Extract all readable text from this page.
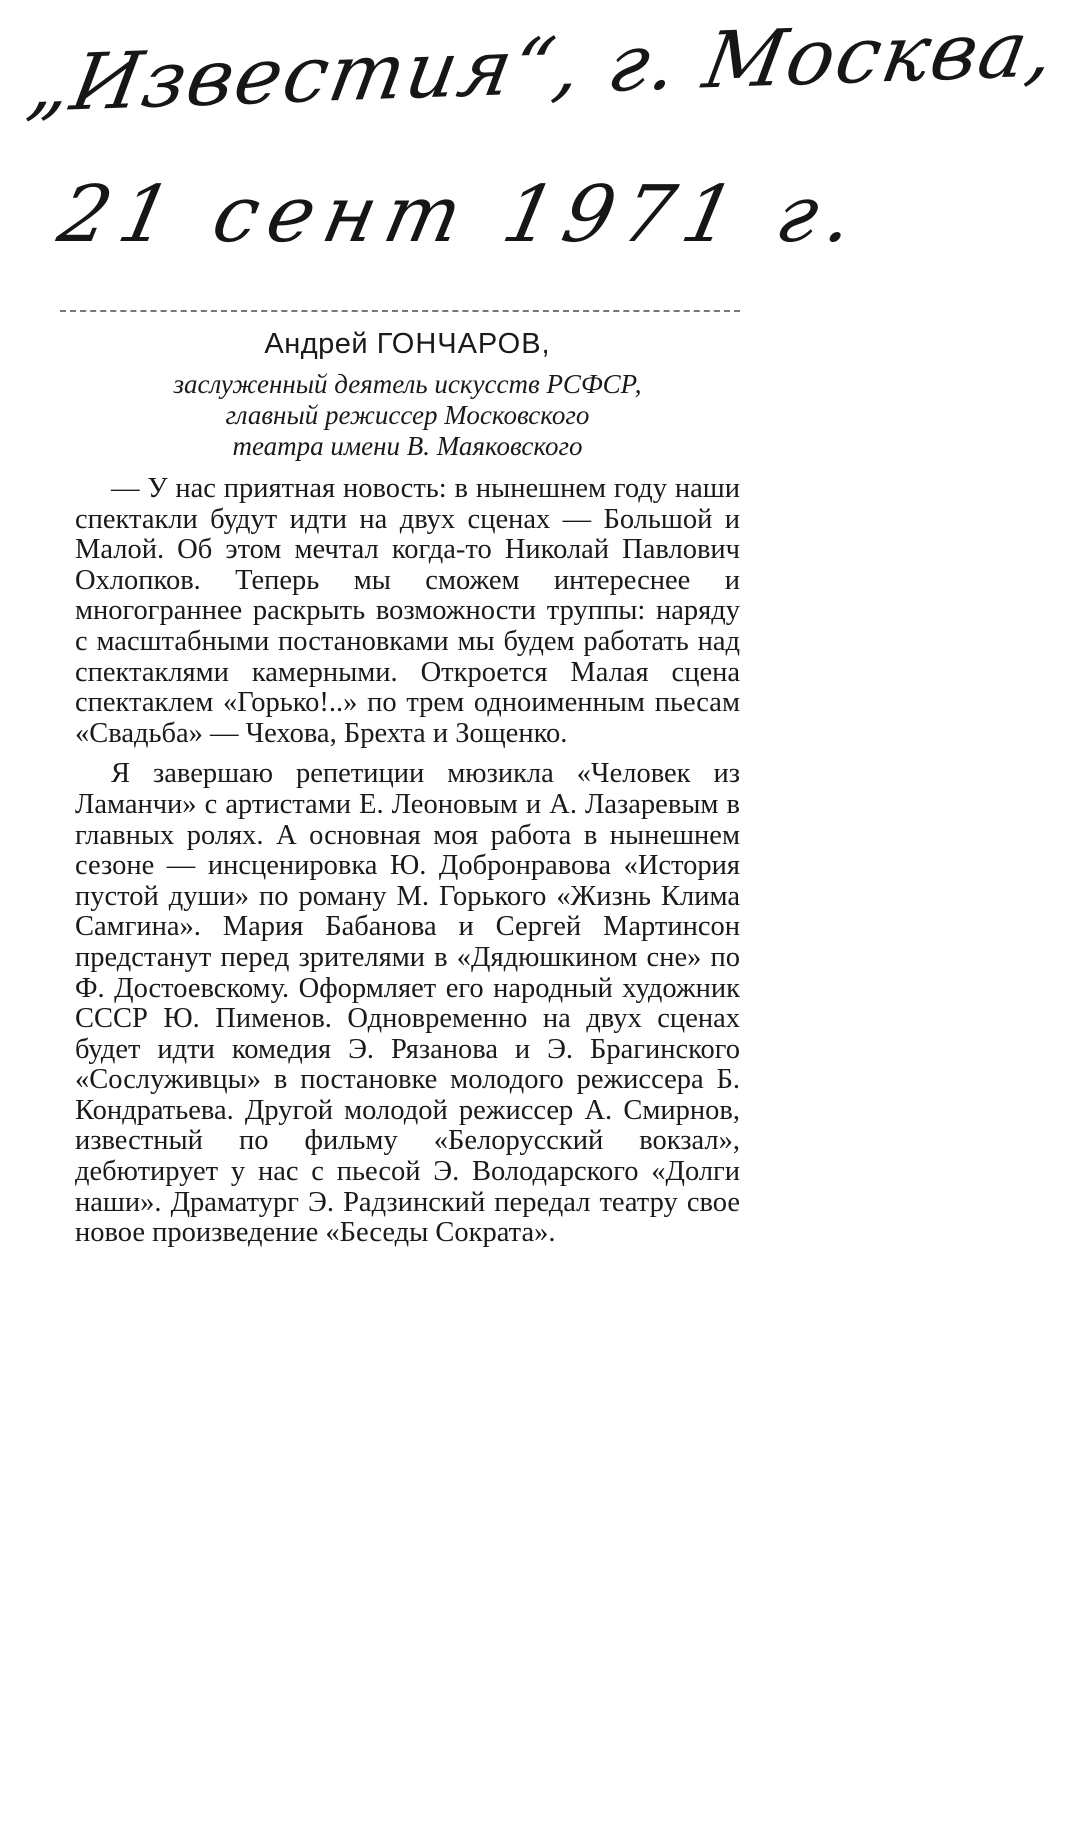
„Известия“, г. Москва,
21 сент 1971 г.
Андрей ГОНЧАРОВ,
заслуженный деятель искусств РСФСР,
главный режиссер Московского
театра имени В. Маяковского

— У нас приятная новость: в нынешнем году наши спектакли будут идти на двух сценах — Большой и Малой. Об этом мечтал когда-то Николай Павлович Охлопков. Теперь мы сможем интереснее и многограннее раскрыть возможности труппы: наряду с масштабными постановками мы будем работать над спектаклями камерными. Откроется Малая сцена спектаклем «Горько!..» по трем одноименным пьесам «Свадьба» — Чехова, Брехта и Зощенко.

Я завершаю репетиции мюзикла «Человек из Ламанчи» с артистами Е. Леоновым и А. Лазаревым в главных ролях. А основная моя работа в нынешнем сезоне — инсценировка Ю. Добронравова «История пустой души» по роману М. Горького «Жизнь Клима Самгина». Мария Бабанова и Сергей Мартинсон предстанут перед зрителями в «Дядюшкином сне» по Ф. Достоевскому. Оформляет его народный художник СССР Ю. Пименов. Одновременно на двух сценах будет идти комедия Э. Рязанова и Э. Брагинского «Сослуживцы» в постановке молодого режиссера Б. Кондратьева. Другой молодой режиссер А. Смирнов, известный по фильму «Белорусский вокзал», дебютирует у нас с пьесой Э. Володарского «Долги наши». Драматург Э. Радзинский передал театру свое новое произведение «Беседы Сократа».
